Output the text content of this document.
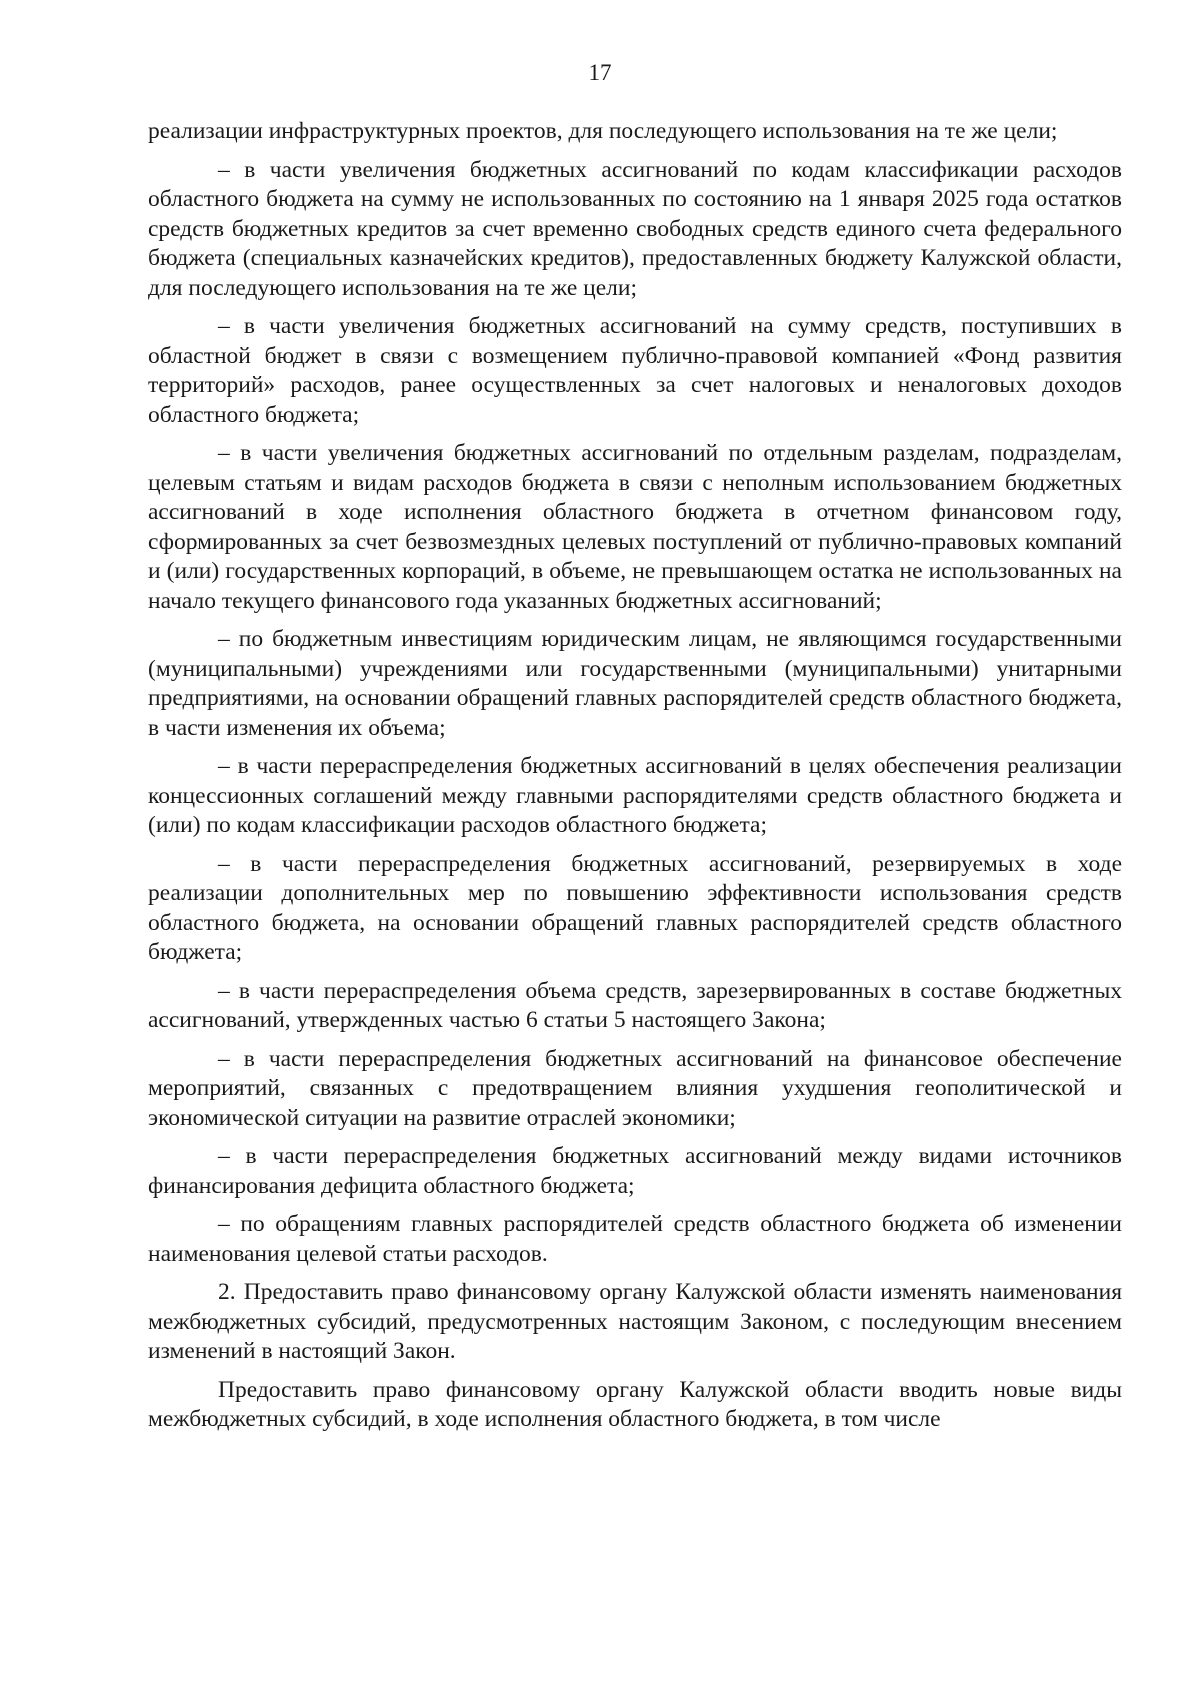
17

реализации инфраструктурных проектов, для последующего использования на те же цели;

– в части увеличения бюджетных ассигнований по кодам классификации расходов областного бюджета на сумму не использованных по состоянию на 1 января 2025 года остатков средств бюджетных кредитов за счет временно свободных средств единого счета федерального бюджета (специальных казначейских кредитов), предоставленных бюджету Калужской области, для последующего использования на те же цели;

– в части увеличения бюджетных ассигнований на сумму средств, поступивших в областной бюджет в связи с возмещением публично-правовой компанией «Фонд развития территорий» расходов, ранее осуществленных за счет налоговых и неналоговых доходов областного бюджета;

– в части увеличения бюджетных ассигнований по отдельным разделам, подразделам, целевым статьям и видам расходов бюджета в связи с неполным использованием бюджетных ассигнований в ходе исполнения областного бюджета в отчетном финансовом году, сформированных за счет безвозмездных целевых поступлений от публично-правовых компаний и (или) государственных корпораций, в объеме, не превышающем остатка не использованных на начало текущего финансового года указанных бюджетных ассигнований;

– по бюджетным инвестициям юридическим лицам, не являющимся государственными (муниципальными) учреждениями или государственными (муниципальными) унитарными предприятиями, на основании обращений главных распорядителей средств областного бюджета, в части изменения их объема;

– в части перераспределения бюджетных ассигнований в целях обеспечения реализации концессионных соглашений между главными распорядителями средств областного бюджета и (или) по кодам классификации расходов областного бюджета;

– в части перераспределения бюджетных ассигнований, резервируемых в ходе реализации дополнительных мер по повышению эффективности использования средств областного бюджета, на основании обращений главных распорядителей средств областного бюджета;

– в части перераспределения объема средств, зарезервированных в составе бюджетных ассигнований, утвержденных частью 6 статьи 5 настоящего Закона;

– в части перераспределения бюджетных ассигнований на финансовое обеспечение мероприятий, связанных с предотвращением влияния ухудшения геополитической и экономической ситуации на развитие отраслей экономики;

– в части перераспределения бюджетных ассигнований между видами источников финансирования дефицита областного бюджета;

– по обращениям главных распорядителей средств областного бюджета об изменении наименования целевой статьи расходов.

2. Предоставить право финансовому органу Калужской области изменять наименования межбюджетных субсидий, предусмотренных настоящим Законом, с последующим внесением изменений в настоящий Закон.

Предоставить право финансовому органу Калужской области вводить новые виды межбюджетных субсидий, в ходе исполнения областного бюджета, в том числе
